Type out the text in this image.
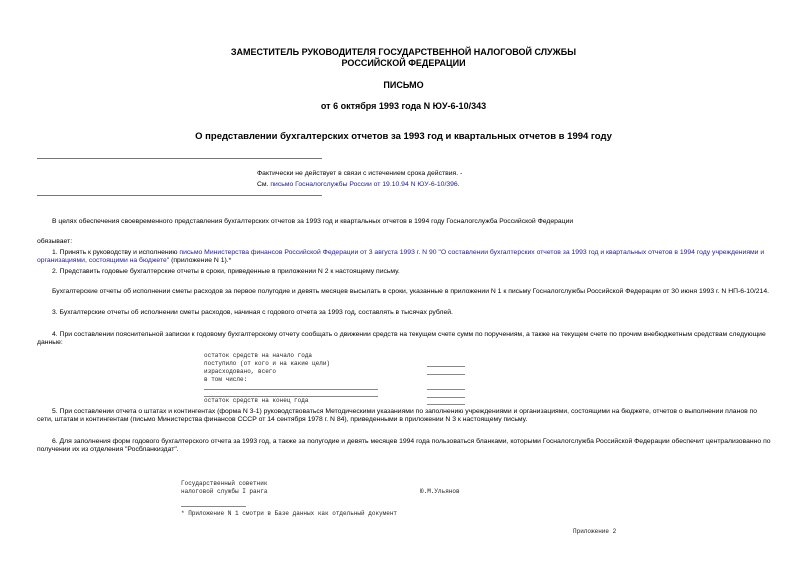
ЗАМЕСТИТЕЛЬ РУКОВОДИТЕЛЯ ГОСУДАРСТВЕННОЙ НАЛОГОВОЙ СЛУЖБЫ
РОССИЙСКОЙ ФЕДЕРАЦИИ
ПИСЬМО
от 6 октября 1993 года N ЮУ-6-10/343
О представлении бухгалтерских отчетов за 1993 год и квартальных отчетов в 1994 году
Фактически не действует в связи с истечением срока действия. -
См. письмо Госналогслужбы России от 19.10.94 N ЮУ-6-10/396.
В целях обеспечения своевременного представления бухгалтерских отчетов за 1993 год и квартальных отчетов в 1994 году Госналогслужба Российской Федерации
обязывает:
1. Принять к руководству и исполнению письмо Министерства финансов Российской Федерации от 3 августа 1993 г. N 90 "О составлении бухгалтерских отчетов за 1993 год и квартальных отчетов в 1994 году учреждениями и организациями, состоящими на бюджете" (приложение N 1).*
2. Представить годовые бухгалтерские отчеты в сроки, приведенные в приложении N 2 к настоящему письму.
Бухгалтерские отчеты об исполнении сметы расходов за первое полугодие и девять месяцев высылать в сроки, указанные в приложении N 1 к письму Госналогслужбы Российской Федерации от 30 июня 1993 г. N НП-6-10/214.
3. Бухгалтерские отчеты об исполнении сметы расходов, начиная с годового отчета за 1993 год, составлять в тысячах рублей.
4. При составлении пояснительной записки к годовому бухгалтерскому отчету сообщать о движении средств на текущем счете сумм по поручениям, а также на текущем счете по прочим внебюджетным средствам следующие данные:
остаток средств на начало года
поступило (от кого и на какие цели)
израсходовано, всего
в том числе:
остаток средств на конец года
5. При составлении отчета о штатах и контингентах (форма N 3-1) руководствоваться Методическими указаниями по заполнению учреждениями и организациями, состоящими на бюджете, отчетов о выполнении планов по сети, штатам и контингентам (письмо Министерства финансов СССР от 14 сентября 1978 г. N 84), приведенными в приложении N 3 к настоящему письму.
6. Для заполнения форм годового бухгалтерского отчета за 1993 год, а также за полугодие и девять месяцев 1994 года пользоваться бланками, которыми Госналогслужба Российской Федерации обеспечит централизованно по получении их из отделения "Росбланкиздат".
Государственный советник
налоговой службы I ранга	Ю.М.Ульянов
* Приложение N 1 смотри в Базе данных как отдельный документ
Приложение 2
